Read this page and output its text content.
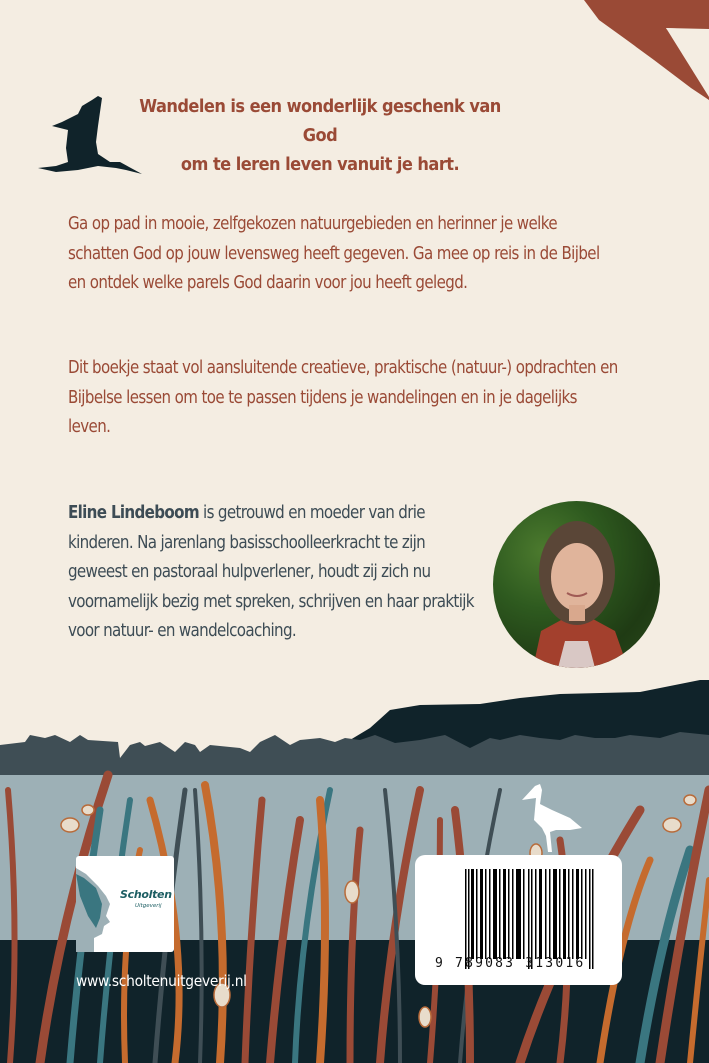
Wandelen is een wonderlijk geschenk van God
om te leren leven vanuit je hart.
Ga op pad in mooie, zelfgekozen natuurgebieden en herinner je welke schatten God op jouw levensweg heeft gegeven. Ga mee op reis in de Bijbel en ontdek welke parels God daarin voor jou heeft gelegd.
Dit boekje staat vol aansluitende creatieve, praktische (natuur-) opdrachten en Bijbelse lessen om toe te passen tijdens je wandelingen en in je dagelijks leven.
Eline Lindeboom is getrouwd en moeder van drie kinderen. Na jarenlang basisschoolleerkracht te zijn geweest en pastoraal hulpverlener, houdt zij zich nu voornamelijk bezig met spreken, schrijven en haar praktijk voor natuur- en wandelcoaching.
Scholten
Uitgeverij
www.scholtenuitgeverij.nl
9 789083 313016
